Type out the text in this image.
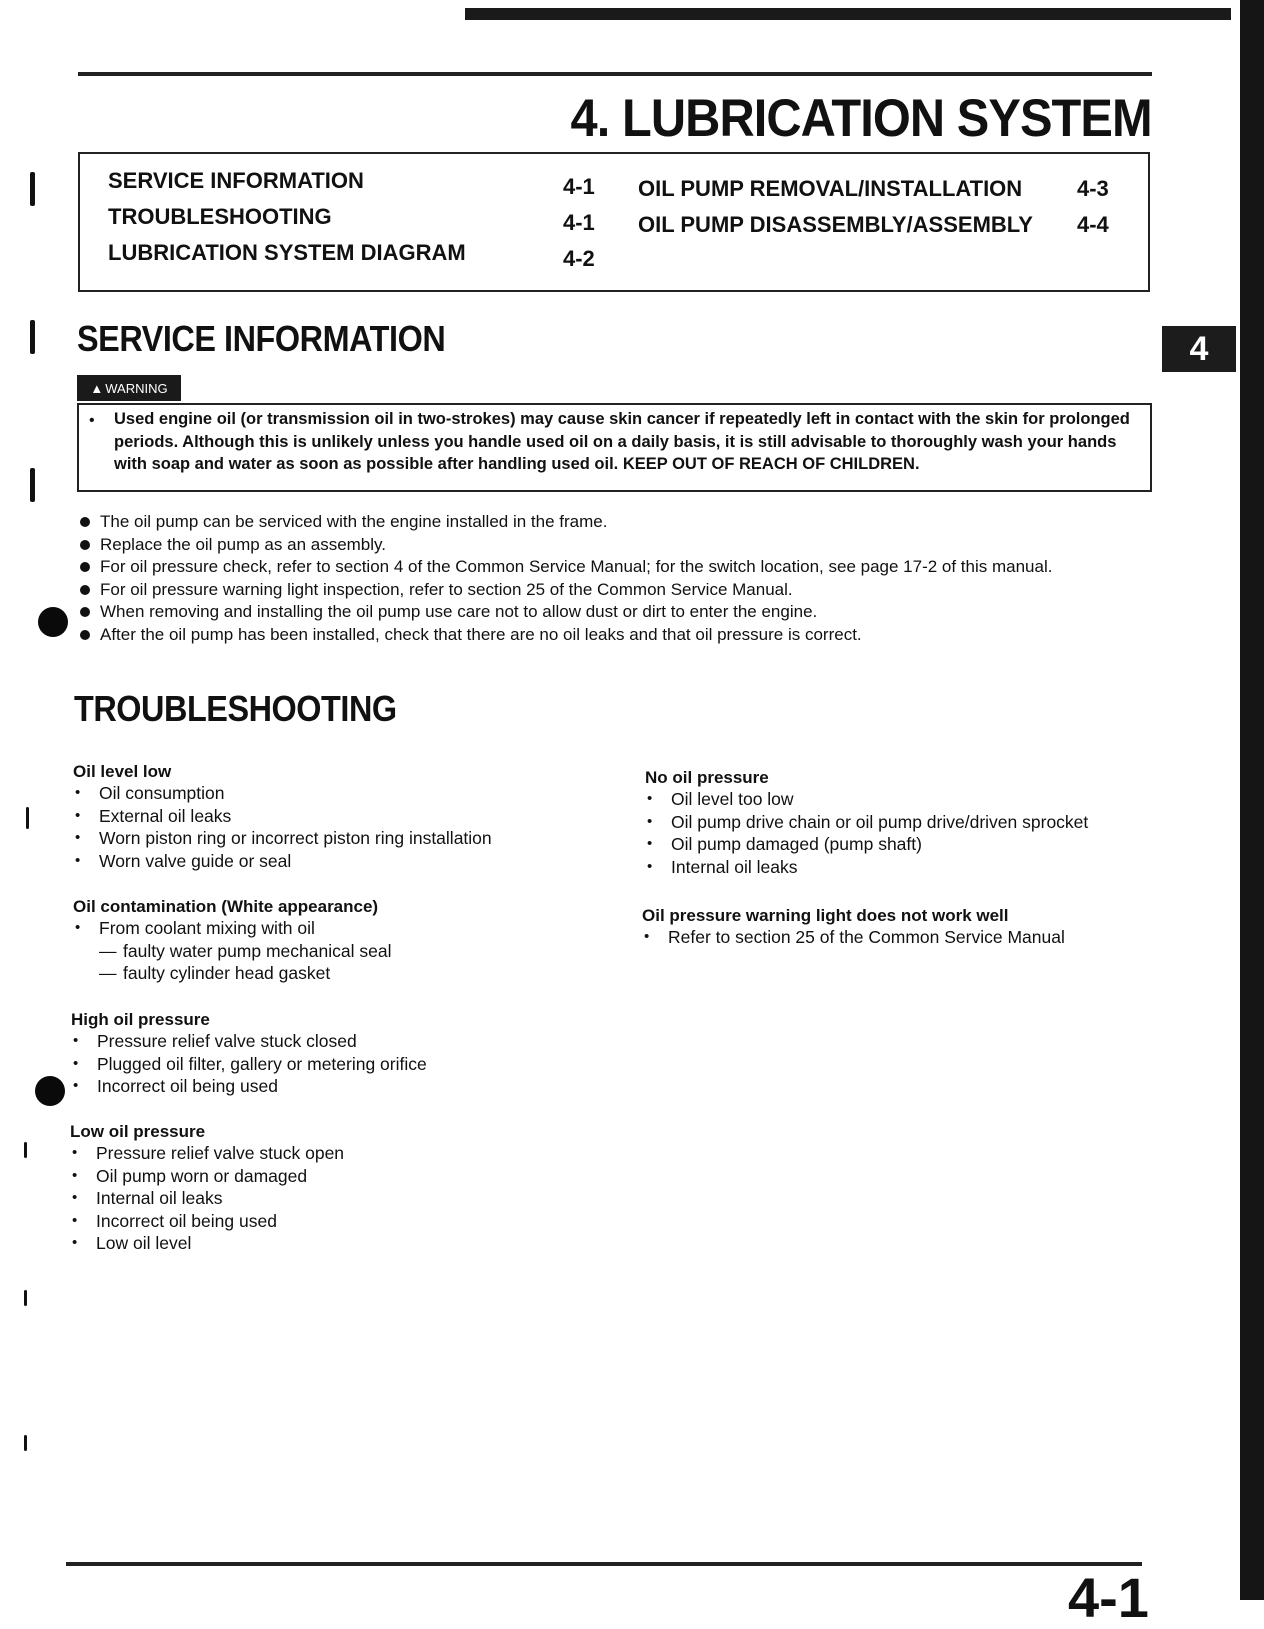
4. LUBRICATION SYSTEM
SERVICE INFORMATION	4-1
TROUBLESHOOTING	4-1
LUBRICATION SYSTEM DIAGRAM	4-2
OIL PUMP REMOVAL/INSTALLATION 4-3
OIL PUMP DISASSEMBLY/ASSEMBLY 4-4
4
SERVICE INFORMATION
▲ WARNING
• Used engine oil (or transmission oil in two-strokes) may cause skin cancer if repeatedly left in contact with the skin for prolonged periods. Although this is unlikely unless you handle used oil on a daily basis, it is still advisable to thoroughly wash your hands with soap and water as soon as possible after handling used oil. KEEP OUT OF REACH OF CHILDREN.
The oil pump can be serviced with the engine installed in the frame.
Replace the oil pump as an assembly.
For oil pressure check, refer to section 4 of the Common Service Manual; for the switch location, see page 17-2 of this manual.
For oil pressure warning light inspection, refer to section 25 of the Common Service Manual.
When removing and installing the oil pump use care not to allow dust or dirt to enter the engine.
After the oil pump has been installed, check that there are no oil leaks and that oil pressure is correct.
TROUBLESHOOTING
Oil level low
• Oil consumption
• External oil leaks
• Worn piston ring or incorrect piston ring installation
• Worn valve guide or seal
Oil contamination (White appearance)
• From coolant mixing with oil
— faulty water pump mechanical seal
— faulty cylinder head gasket
High oil pressure
• Pressure relief valve stuck closed
• Plugged oil filter, gallery or metering orifice
• Incorrect oil being used
Low oil pressure
• Pressure relief valve stuck open
• Oil pump worn or damaged
• Internal oil leaks
• Incorrect oil being used
• Low oil level
No oil pressure
• Oil level too low
• Oil pump drive chain or oil pump drive/driven sprocket
• Oil pump damaged (pump shaft)
• Internal oil leaks
Oil pressure warning light does not work well
• Refer to section 25 of the Common Service Manual
4-1
